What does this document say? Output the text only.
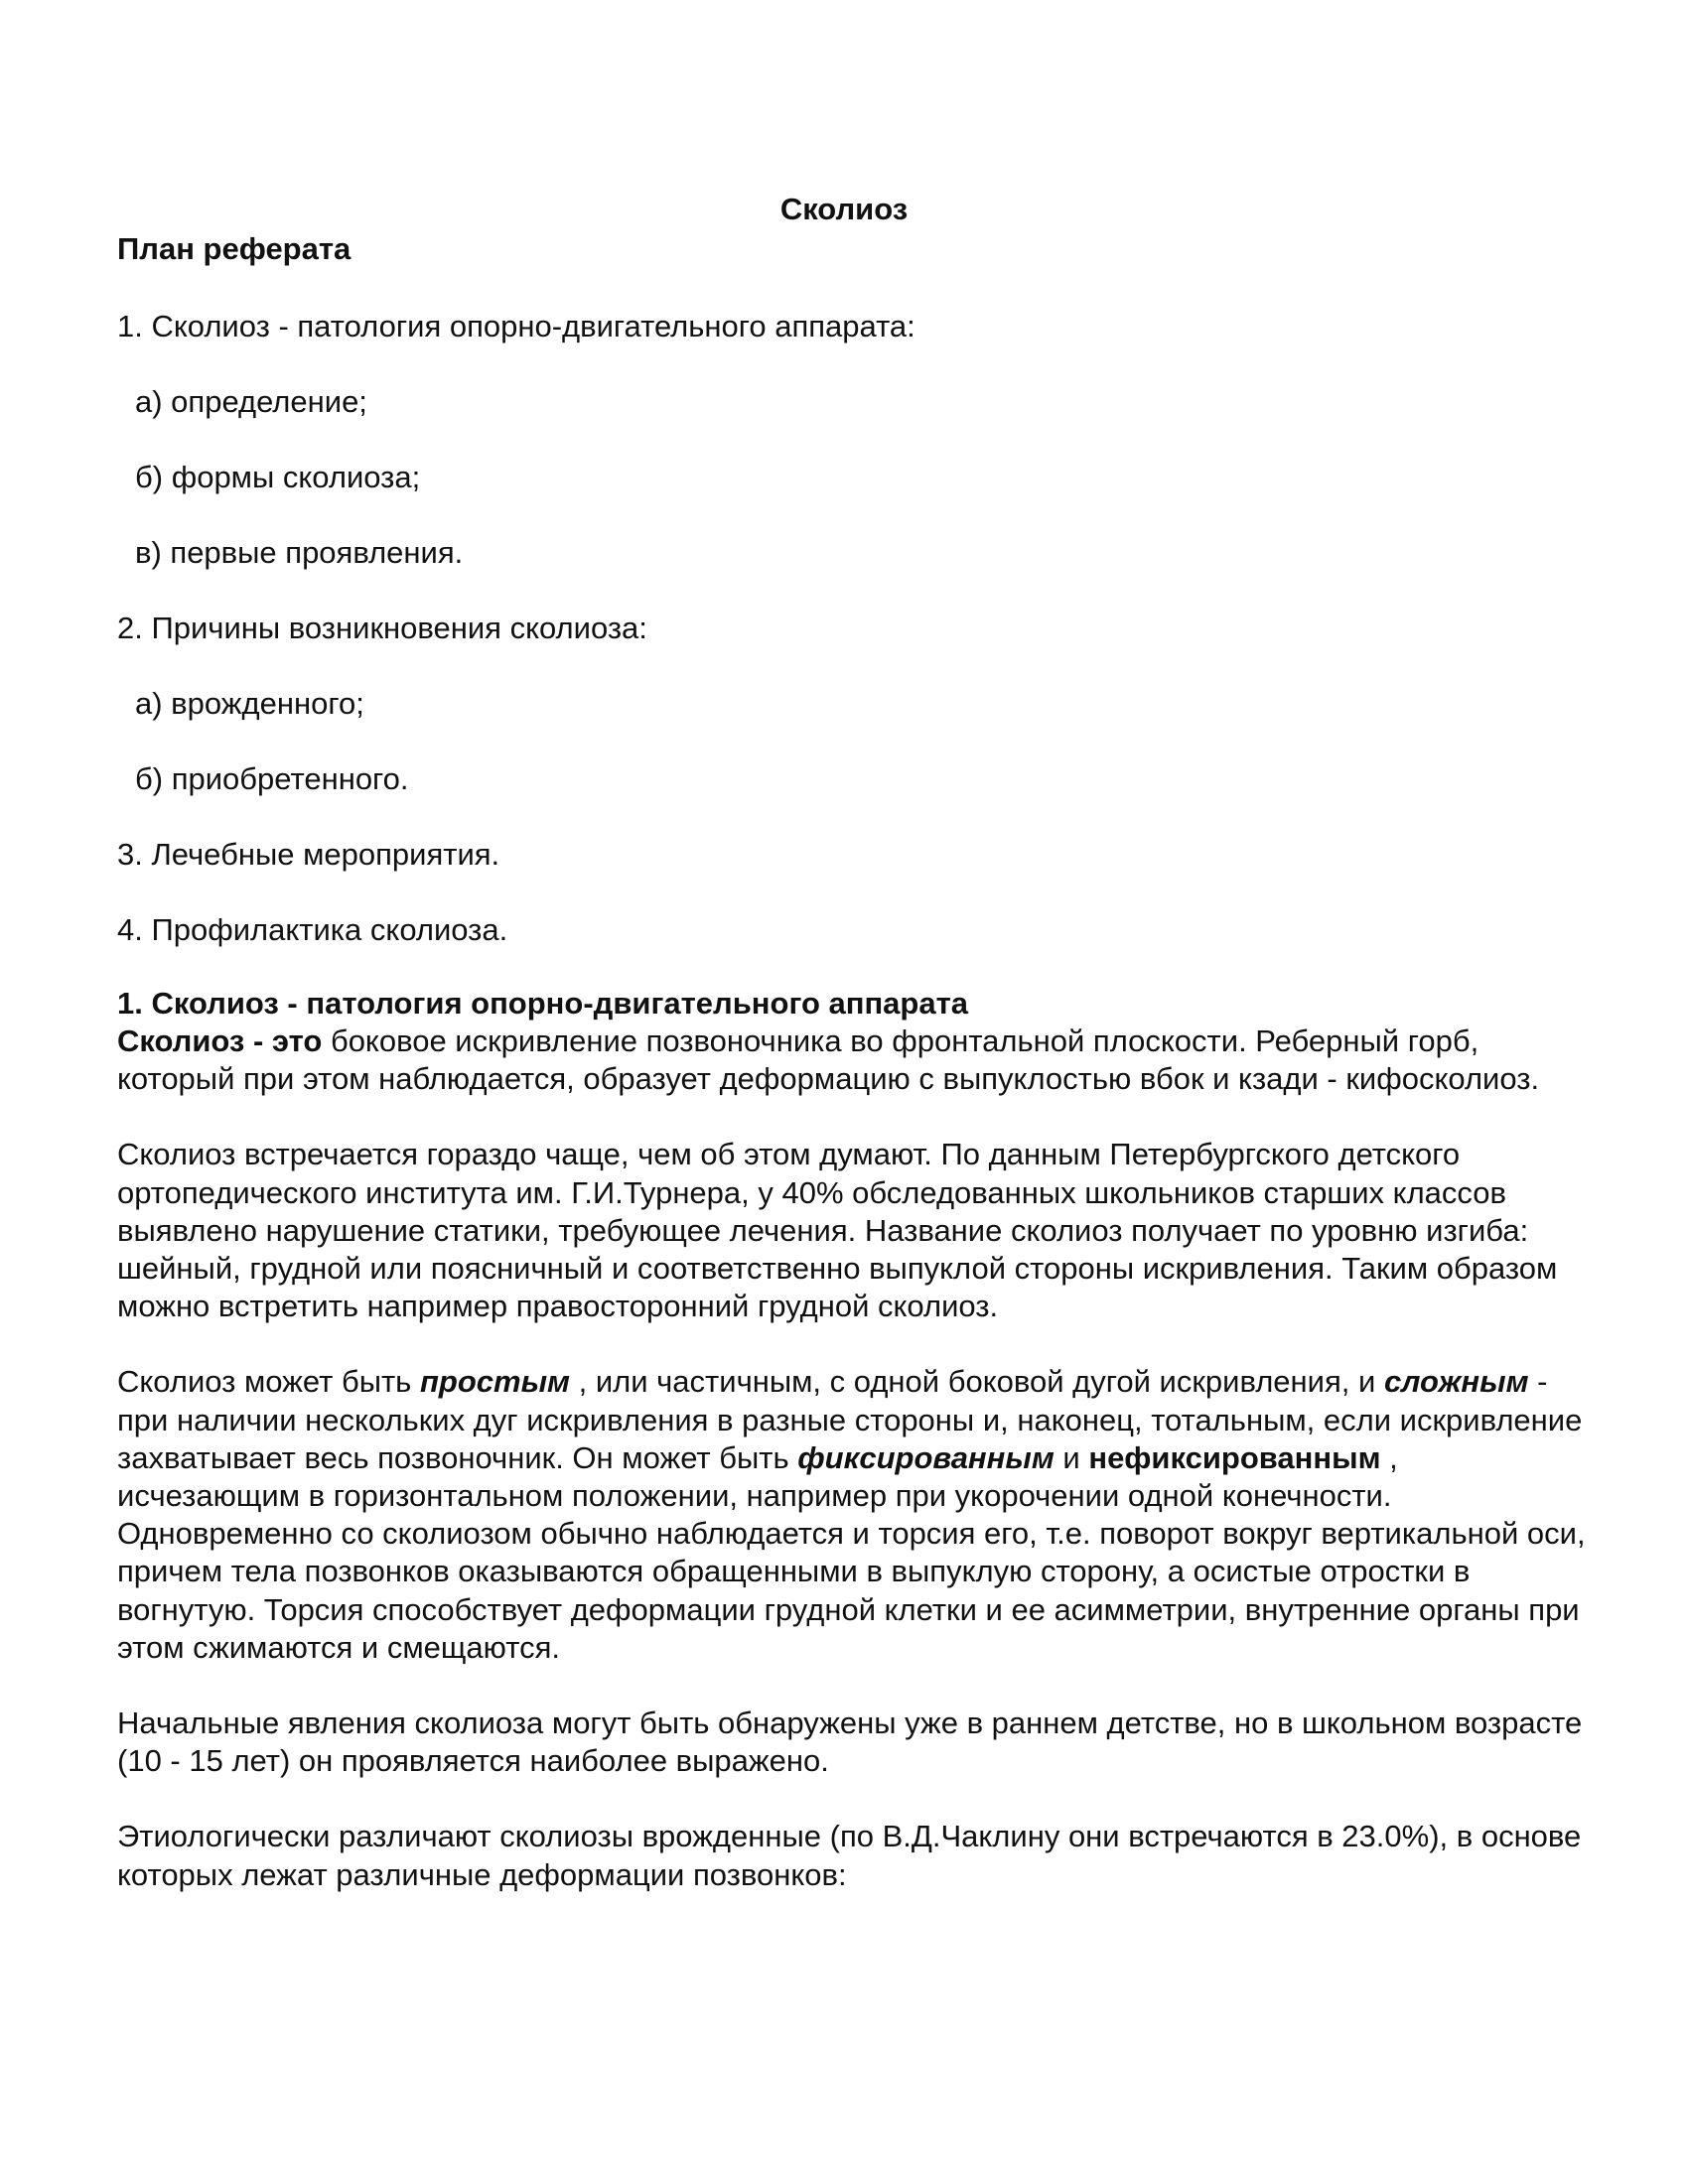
Сколиоз
План реферата
1. Сколиоз - патология опорно-двигательного аппарата:
а) определение;
б) формы сколиоза;
в) первые проявления.
2. Причины возникновения сколиоза:
а) врожденного;
б) приобретенного.
3. Лечебные мероприятия.
4. Профилактика сколиоза.
1. Сколиоз - патология опорно-двигательного аппарата

Сколиоз - это боковое искривление позвоночника во фронтальной плоскости. Реберный горб, который при этом наблюдается, образует деформацию с выпуклостью вбок и кзади - кифосколиоз.

Сколиоз встречается гораздо чаще, чем об этом думают. По данным Петербургского детского ортопедического института им. Г.И.Турнера, у 40% обследованных школьников старших классов выявлено нарушение статики, требующее лечения. Название сколиоз получает по уровню изгиба: шейный, грудной или поясничный и соответственно выпуклой стороны искривления. Таким образом можно встретить например правосторонний грудной сколиоз.

Сколиоз может быть простым , или частичным, с одной боковой дугой искривления, и сложным - при наличии нескольких дуг искривления в разные стороны и, наконец, тотальным, если искривление захватывает весь позвоночник. Он может быть фиксированным и нефиксированным , исчезающим в горизонтальном положении, например при укорочении одной конечности. Одновременно со сколиозом обычно наблюдается и торсия его, т.е. поворот вокруг вертикальной оси, причем тела позвонков оказываются обращенными в выпуклую сторону, а осистые отростки в вогнутую. Торсия способствует деформации грудной клетки и ее асимметрии, внутренние органы при этом сжимаются и смещаются.

Начальные явления сколиоза могут быть обнаружены уже в раннем детстве, но в школьном возрасте (10 - 15 лет) он проявляется наиболее выражено.

Этиологически различают сколиозы врожденные (по В.Д.Чаклину они встречаются в 23.0%), в основе которых лежат различные деформации позвонков:
